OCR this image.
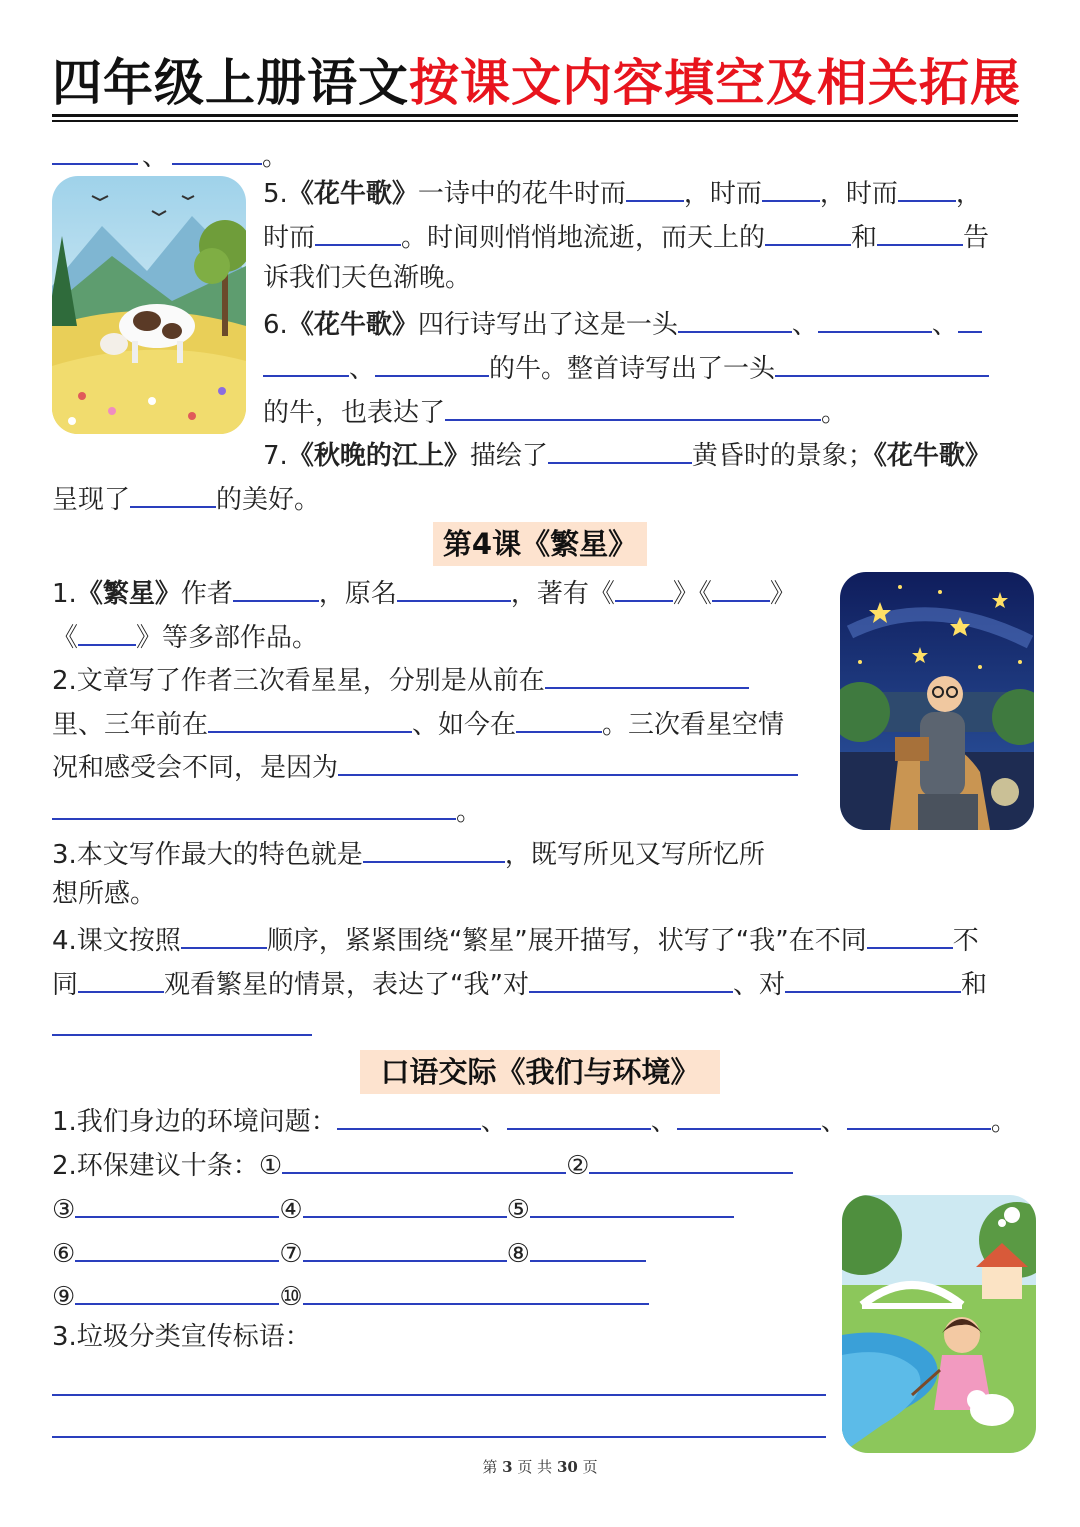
四年级上册语文按课文内容填空及相关拓展
、	。
5.《花牛歌》一诗中的花牛时而 ，时而 ，时而 ，
时而	。时间则悄悄地流逝，而天上的	和	告
诉我们天色渐晚。
6.《花牛歌》四行诗写出了这是一头	、	、
、	的牛。整首诗写出了一头
的牛，也表达了	。
7.《秋晚的江上》描绘了	黄昏时的景象；《花牛歌》
呈现了	的美好。
第4课《繁星》
1.《繁星》作者	，原名	，著有《 》《 》
《 》等多部作品。
2.文章写了作者三次看星星，分别是从前在
里、三年前在	、如今在	。三次看星空情
况和感受会不同，是因为
。
3.本文写作最大的特色就是	，既写所见又写所忆所
想所感。
4.课文按照	顺序，紧紧围绕“繁星”展开描写，状写了“我”在不同	不
同	观看繁星的情景，表达了“我”对	、对	和
口语交际《我们与环境》
1.我们身边的环境问题：	、	、	、	。
2.环保建议十条：①	②
③	④	⑤
⑥	⑦	⑧
⑨	⑩
3.垃圾分类宣传标语：
第 3 页 共 30 页
